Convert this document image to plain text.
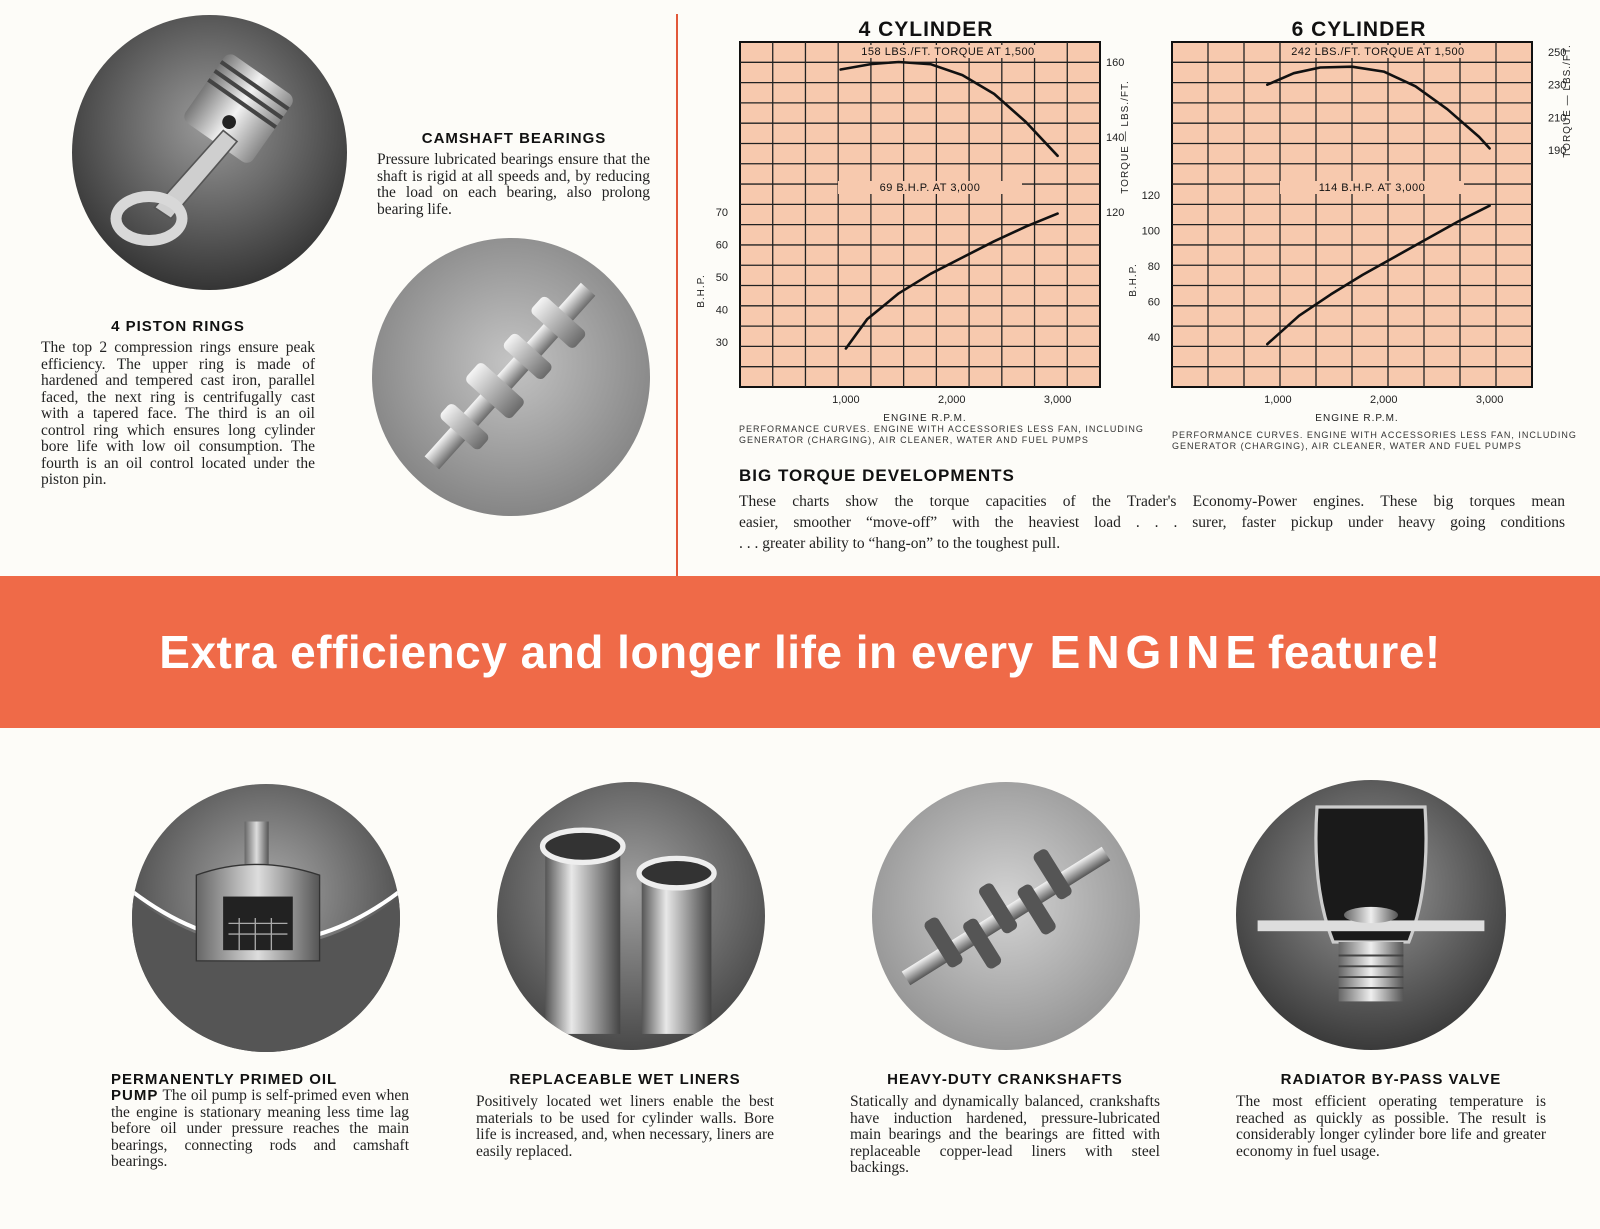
CAMSHAFT BEARINGS
Pressure lubricated bearings ensure that the shaft is rigid at all speeds and, by reducing the load on each bearing, also prolong bearing life.
4 PISTON RINGS
The top 2 compression rings ensure peak efficiency. The upper ring is made of hardened and tempered cast iron, parallel faced, the next ring is centrifugally cast with a tapered face. The third is an oil control ring which ensures long cylinder bore life with low oil consumption. The fourth is an oil control located under the piston pin.
4 CYLINDER
1,000	2,000	3,000
ENGINE R.P.M.
30
40
50
60
70
B.H.P.
120
140
160
TORQUE — LBS./FT.
158 LBS./FT. TORQUE AT 1,500
69 B.H.P. AT 3,000
PERFORMANCE CURVES. ENGINE WITH ACCESSORIES LESS FAN, INCLUDING
GENERATOR (CHARGING), AIR CLEANER, WATER AND FUEL PUMPS
6 CYLINDER
1,000	2,000	3,000
ENGINE R.P.M.
40
60
80
100
120
B.H.P.
190
210
230
250
TORQUE — LBS./FT.
242 LBS./FT. TORQUE AT 1,500
114 B.H.P. AT 3,000
PERFORMANCE CURVES. ENGINE WITH ACCESSORIES LESS FAN, INCLUDING
GENERATOR (CHARGING), AIR CLEANER, WATER AND FUEL PUMPS
BIG TORQUE DEVELOPMENTS
These charts show the torque capacities of the Trader's Economy-Power engines. These big torques mean
easier, smoother “move-off” with the heaviest load . . . surer, faster pickup under heavy going conditions
. . . greater ability to “hang-on” to the toughest pull.
Extra efficiency and longer life in every ENGINE feature!
PERMANENTLY PRIMED OIL
PUMP The oil pump is self-primed even when the engine is stationary meaning less time lag before oil under pressure reaches the main bearings, connecting rods and camshaft bearings.
REPLACEABLE WET LINERS
Positively located wet liners enable the best materials to be used for cylinder walls. Bore life is increased, and, when necessary, liners are easily replaced.
HEAVY-DUTY CRANKSHAFTS
Statically and dynamically balanced, crankshafts have induction hardened, pressure-lubricated main bearings and the bearings are fitted with replaceable copper-lead liners with steel backings.
RADIATOR BY-PASS VALVE
The most efficient operating temperature is reached as quickly as possible. The result is considerably longer cylinder bore life and greater economy in fuel usage.
